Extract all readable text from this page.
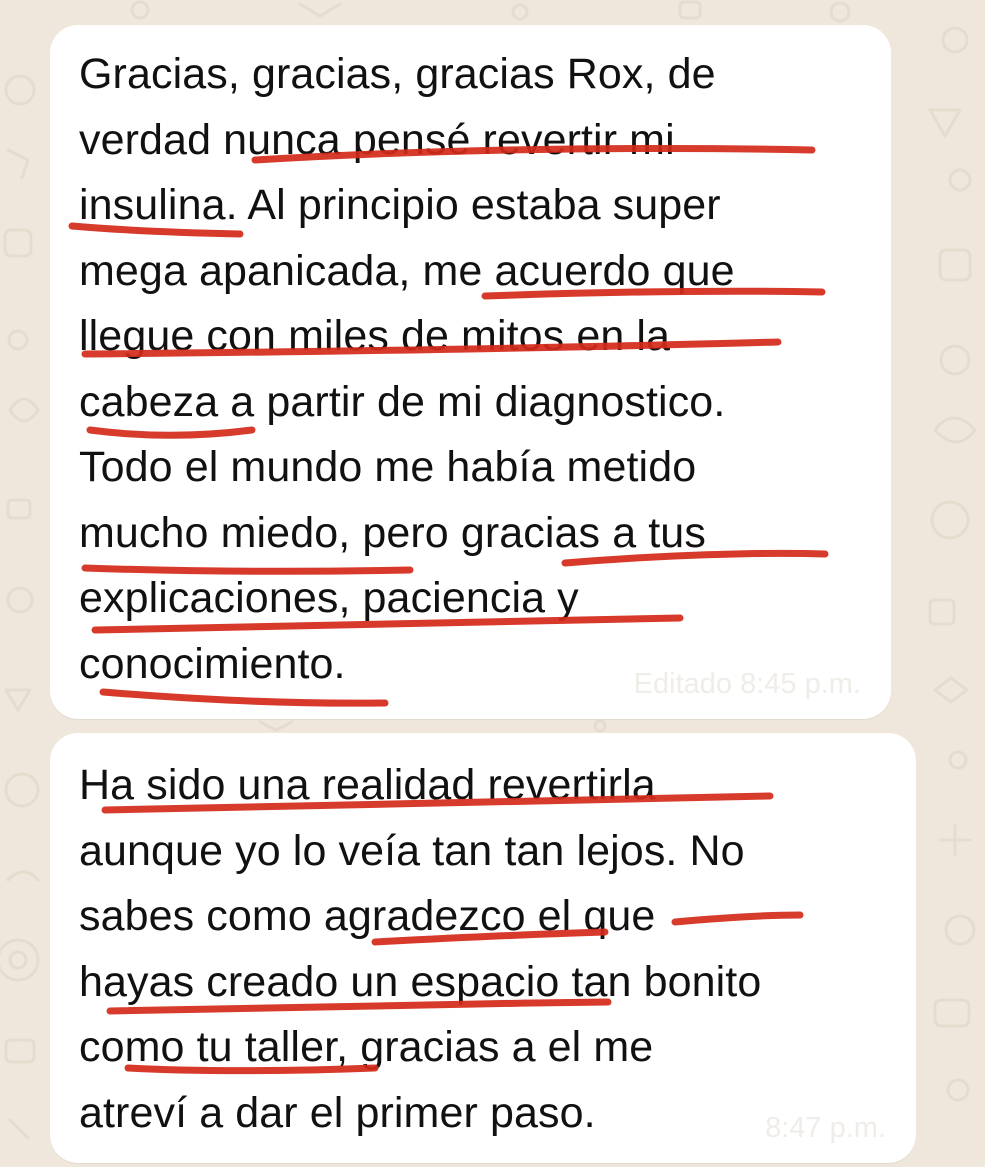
Gracias, gracias, gracias Rox, de
verdad nunca pensé revertir mi
insulina. Al principio estaba super
mega apanicada, me acuerdo que
llegue con miles de mitos en la
cabeza a partir de mi diagnostico.
Todo el mundo me había metido
mucho miedo, pero gracias a tus
explicaciones, paciencia y
conocimiento.	Editado 8:45 p.m.

Ha sido una realidad revertirla
aunque yo lo veía tan tan lejos. No
sabes como agradezco el que
hayas creado un espacio tan bonito
como tu taller, gracias a el me
atreví a dar el primer paso.	8:47 p.m.
